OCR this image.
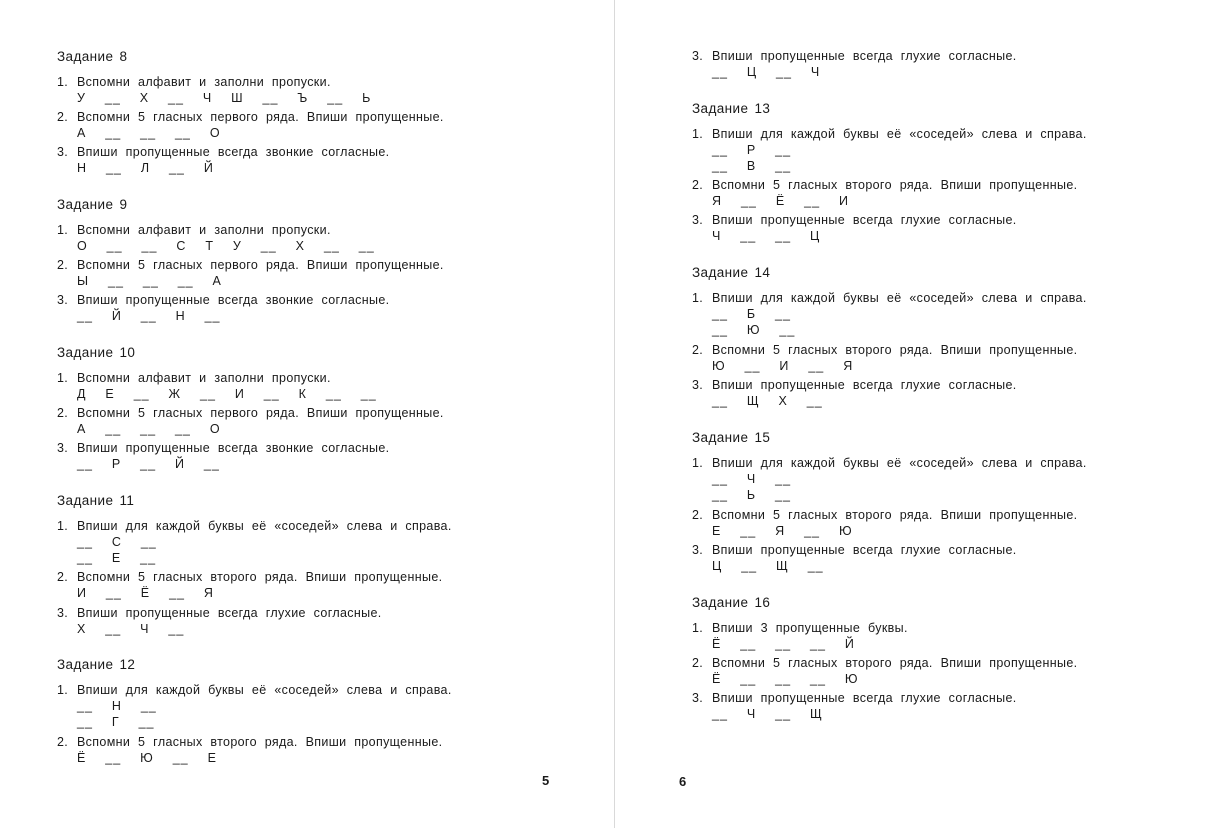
Задание 8
1. Вспомни алфавит и заполни пропуски.
У  __  Х  __  Ч  Ш  __  Ъ  __  Ь
2. Вспомни 5 гласных первого ряда. Впиши пропущенные.
А  __  __  __  О
3. Впиши пропущенные всегда звонкие согласные.
Н  __  Л  __  Й
Задание 9
1. Вспомни алфавит и заполни пропуски.
О  __  __  С  Т  У  __  Х  __  __
2. Вспомни 5 гласных первого ряда. Впиши пропущенные.
Ы  __  __  __  А
3. Впиши пропущенные всегда звонкие согласные.
__  Й  __  Н  __
Задание 10
1. Вспомни алфавит и заполни пропуски.
Д  Е  __  Ж  __  И  __  К  __  __
2. Вспомни 5 гласных первого ряда. Впиши пропущенные.
А  __  __  __  О
3. Впиши пропущенные всегда звонкие согласные.
__  Р  __  Й  __
Задание 11
1. Впиши для каждой буквы её «соседей» слева и справа.
__  С  __
__  Е  __
2. Вспомни 5 гласных второго ряда. Впиши пропущенные.
И  __  Ё  __  Я
3. Впиши пропущенные всегда глухие согласные.
Х  __  Ч  __
Задание 12
1. Впиши для каждой буквы её «соседей» слева и справа.
__  Н  __
__  Г  __
2. Вспомни 5 гласных второго ряда. Впиши пропущенные.
Ё  __  Ю  __  Е
5
3. Впиши пропущенные всегда глухие согласные.
__  Ц  __  Ч
Задание 13
1. Впиши для каждой буквы её «соседей» слева и справа.
__  Р  __
__  В  __
2. Вспомни 5 гласных второго ряда. Впиши пропущенные.
Я  __  Ё  __  И
3. Впиши пропущенные всегда глухие согласные.
Ч  __  __  Ц
Задание 14
1. Впиши для каждой буквы её «соседей» слева и справа.
__  Б  __
__  Ю  __
2. Вспомни 5 гласных второго ряда. Впиши пропущенные.
Ю  __  И  __  Я
3. Впиши пропущенные всегда глухие согласные.
__  Щ  Х  __
Задание 15
1. Впиши для каждой буквы её «соседей» слева и справа.
__  Ч  __
__  Ь  __
2. Вспомни 5 гласных второго ряда. Впиши пропущенные.
Е  __  Я  __  Ю
3. Впиши пропущенные всегда глухие согласные.
Ц  __  Щ  __
Задание 16
1. Впиши 3 пропущенные буквы.
Ё  __  __  __  Й
2. Вспомни 5 гласных второго ряда. Впиши пропущенные.
Ё  __  __  __  Ю
3. Впиши пропущенные всегда глухие согласные.
__  Ч  __  Щ
6
